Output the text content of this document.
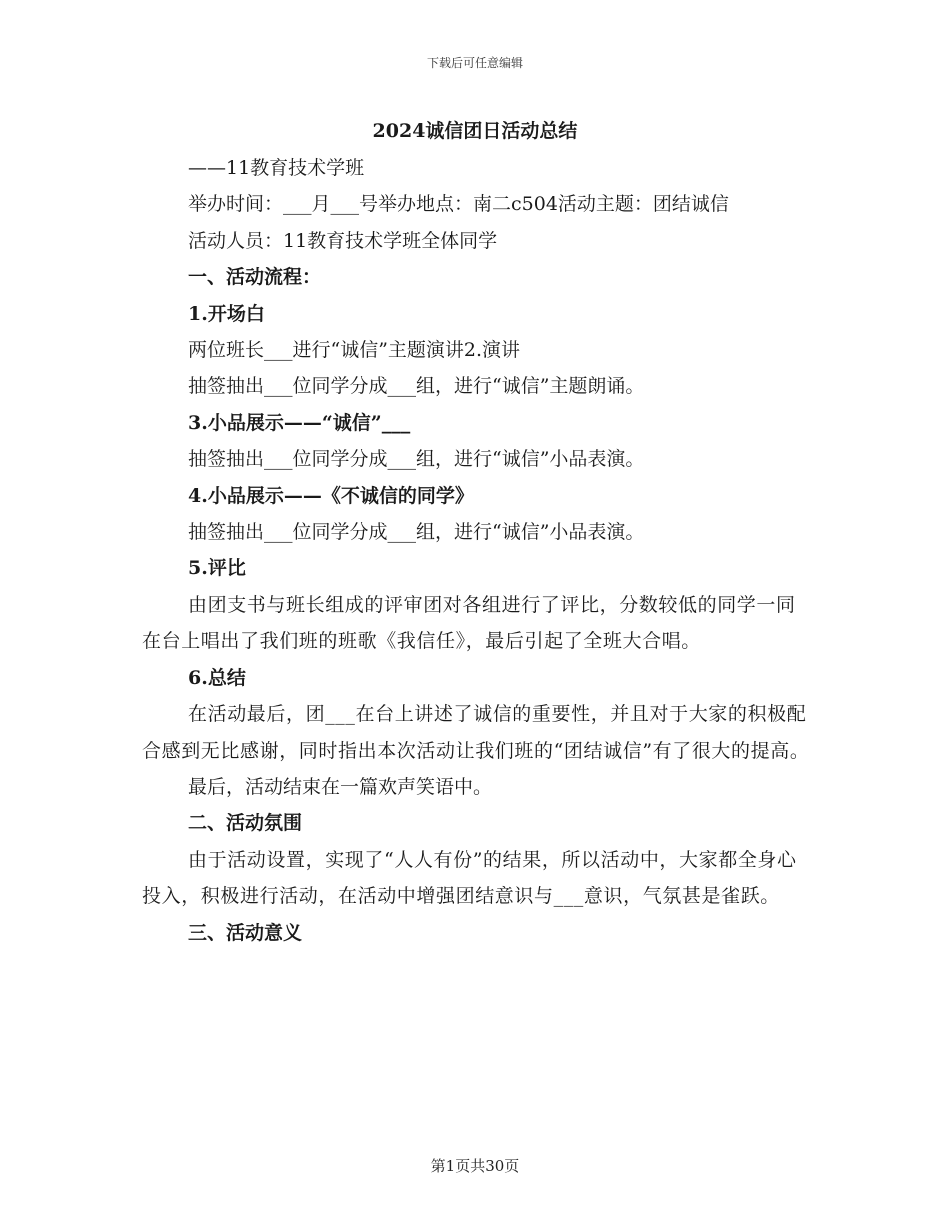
下载后可任意编辑
2024诚信团日活动总结

——11教育技术学班

举办时间：___月___号举办地点：南二c504活动主题：团结诚信

活动人员：11教育技术学班全体同学

一、活动流程：

1.开场白

两位班长___进行“诚信”主题演讲2.演讲

抽签抽出___位同学分成___组，进行“诚信”主题朗诵。

3.小品展示——“诚信”___

抽签抽出___位同学分成___组，进行“诚信”小品表演。

4.小品展示——《不诚信的同学》

抽签抽出___位同学分成___组，进行“诚信”小品表演。

5.评比

由团支书与班长组成的评审团对各组进行了评比，分数较低的同学一同在台上唱出了我们班的班歌《我信任》，最后引起了全班大合唱。

6.总结

在活动最后，团___在台上讲述了诚信的重要性，并且对于大家的积极配合感到无比感谢，同时指出本次活动让我们班的“团结诚信”有了很大的提高。

最后，活动结束在一篇欢声笑语中。

二、活动氛围

由于活动设置，实现了“人人有份”的结果，所以活动中，大家都全身心投入，积极进行活动，在活动中增强团结意识与___意识，气氛甚是雀跃。

三、活动意义

第1页共30页
